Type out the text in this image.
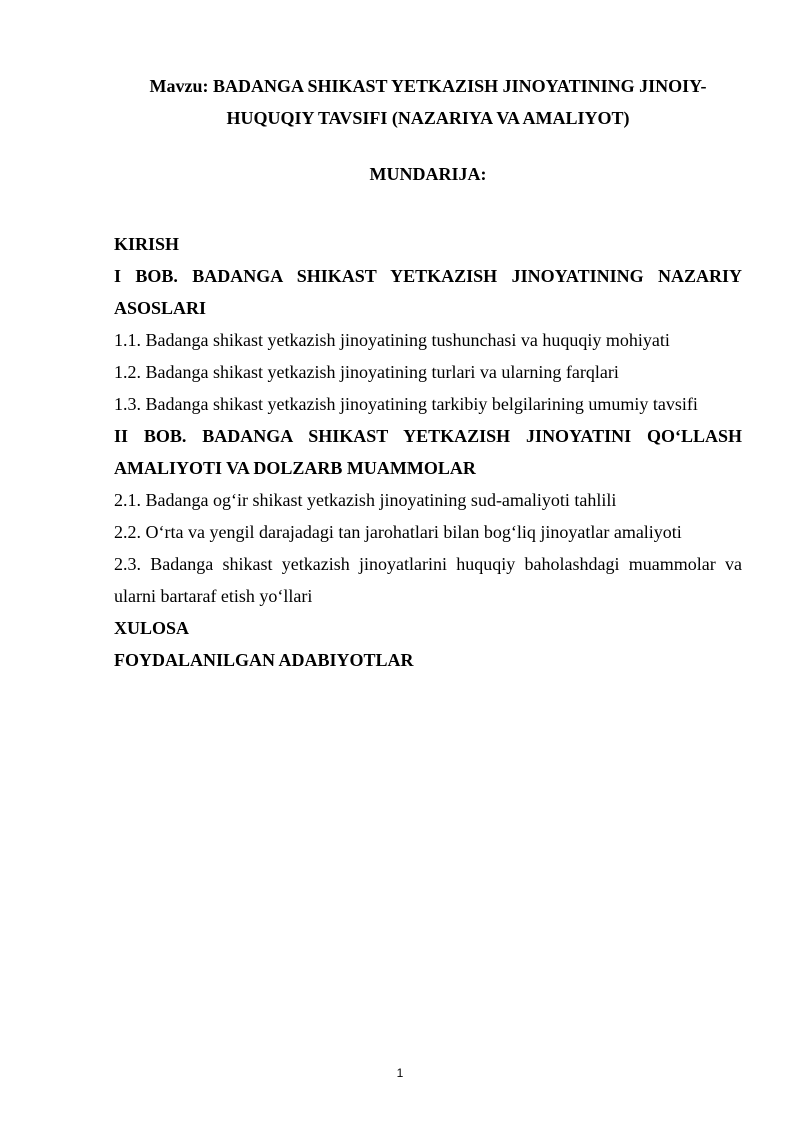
Mavzu: BADANGA SHIKAST YETKAZISH JINOYATINING JINOIY-HUQUQIY TAVSIFI (NAZARIYA VA AMALIYOT)

MUNDARIJA:

KIRISH
I BOB. BADANGA SHIKAST YETKAZISH JINOYATINING NAZARIY ASOSLARI
1.1. Badanga shikast yetkazish jinoyatining tushunchasi va huquqiy mohiyati
1.2. Badanga shikast yetkazish jinoyatining turlari va ularning farqlari
1.3. Badanga shikast yetkazish jinoyatining tarkibiy belgilarining umumiy tavsifi
II BOB. BADANGA SHIKAST YETKAZISH JINOYATINI QO‘LLASH AMALIYOTI VA DOLZARB MUAMMOLAR
2.1. Badanga og‘ir shikast yetkazish jinoyatining sud-amaliyoti tahlili
2.2. O‘rta va yengil darajadagi tan jarohatlari bilan bog‘liq jinoyatlar amaliyoti
2.3. Badanga shikast yetkazish jinoyatlarini huquqiy baholashdagi muammolar va ularni bartaraf etish yo‘llari
XULOSA
FOYDALANILGAN ADABIYOTLAR
1
